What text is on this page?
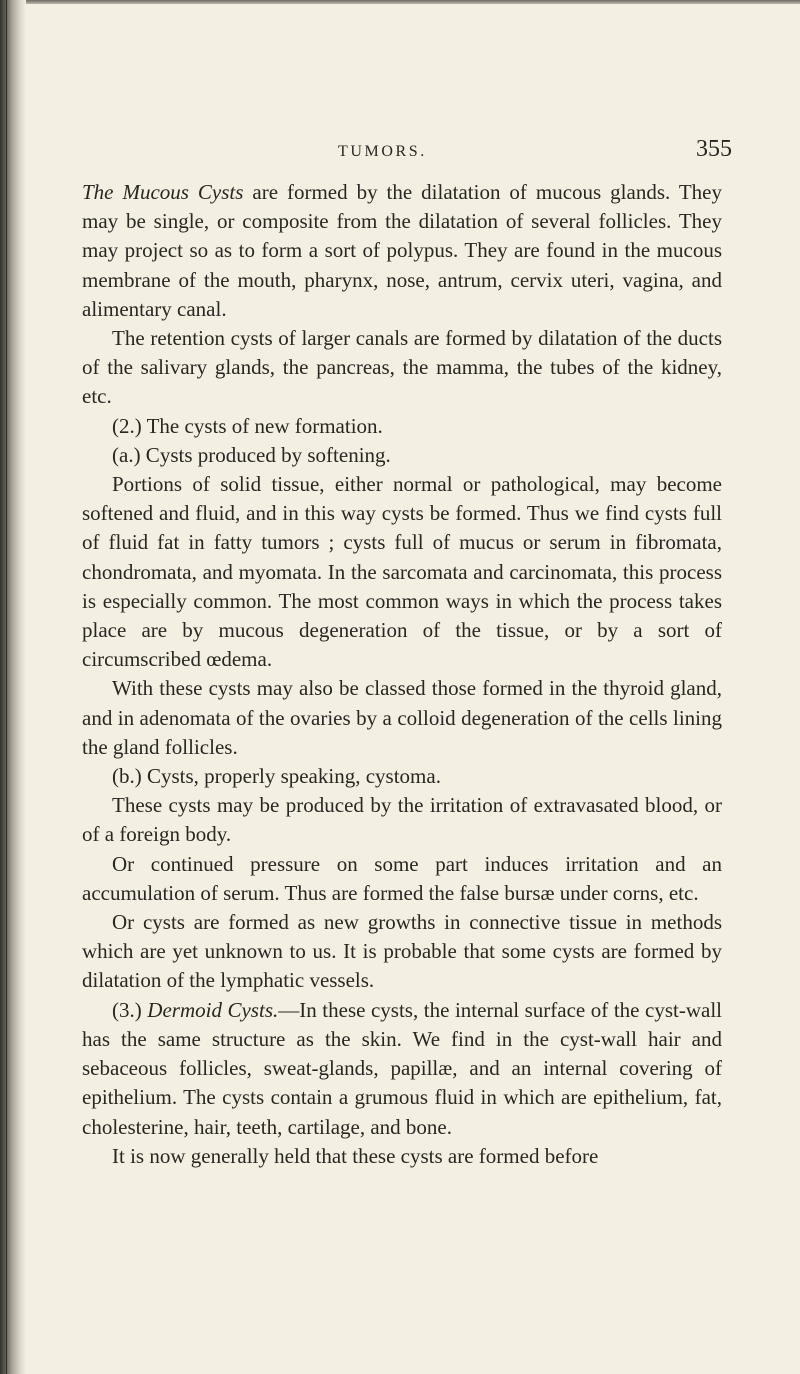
TUMORS.	355

The Mucous Cysts are formed by the dilatation of mucous glands. They may be single, or composite from the dilatation of several follicles. They may project so as to form a sort of polypus. They are found in the mucous membrane of the mouth, pharynx, nose, antrum, cervix uteri, vagina, and alimentary canal.

The retention cysts of larger canals are formed by dilatation of the ducts of the salivary glands, the pancreas, the mamma, the tubes of the kidney, etc.

(2.) The cysts of new formation.

(a.) Cysts produced by softening.

Portions of solid tissue, either normal or pathological, may become softened and fluid, and in this way cysts be formed. Thus we find cysts full of fluid fat in fatty tumors ; cysts full of mucus or serum in fibromata, chondromata, and myomata. In the sarcomata and carcinomata, this process is especially common. The most common ways in which the process takes place are by mucous degeneration of the tissue, or by a sort of circumscribed œdema.

With these cysts may also be classed those formed in the thyroid gland, and in adenomata of the ovaries by a colloid degeneration of the cells lining the gland follicles.

(b.) Cysts, properly speaking, cystoma.

These cysts may be produced by the irritation of extravasated blood, or of a foreign body.

Or continued pressure on some part induces irritation and an accumulation of serum. Thus are formed the false bursæ under corns, etc.

Or cysts are formed as new growths in connective tissue in methods which are yet unknown to us. It is probable that some cysts are formed by dilatation of the lymphatic vessels.

(3.) Dermoid Cysts.—In these cysts, the internal surface of the cyst-wall has the same structure as the skin. We find in the cyst-wall hair and sebaceous follicles, sweat-glands, papillæ, and an internal covering of epithelium. The cysts contain a grumous fluid in which are epithelium, fat, cholesterine, hair, teeth, cartilage, and bone.

It is now generally held that these cysts are formed before
